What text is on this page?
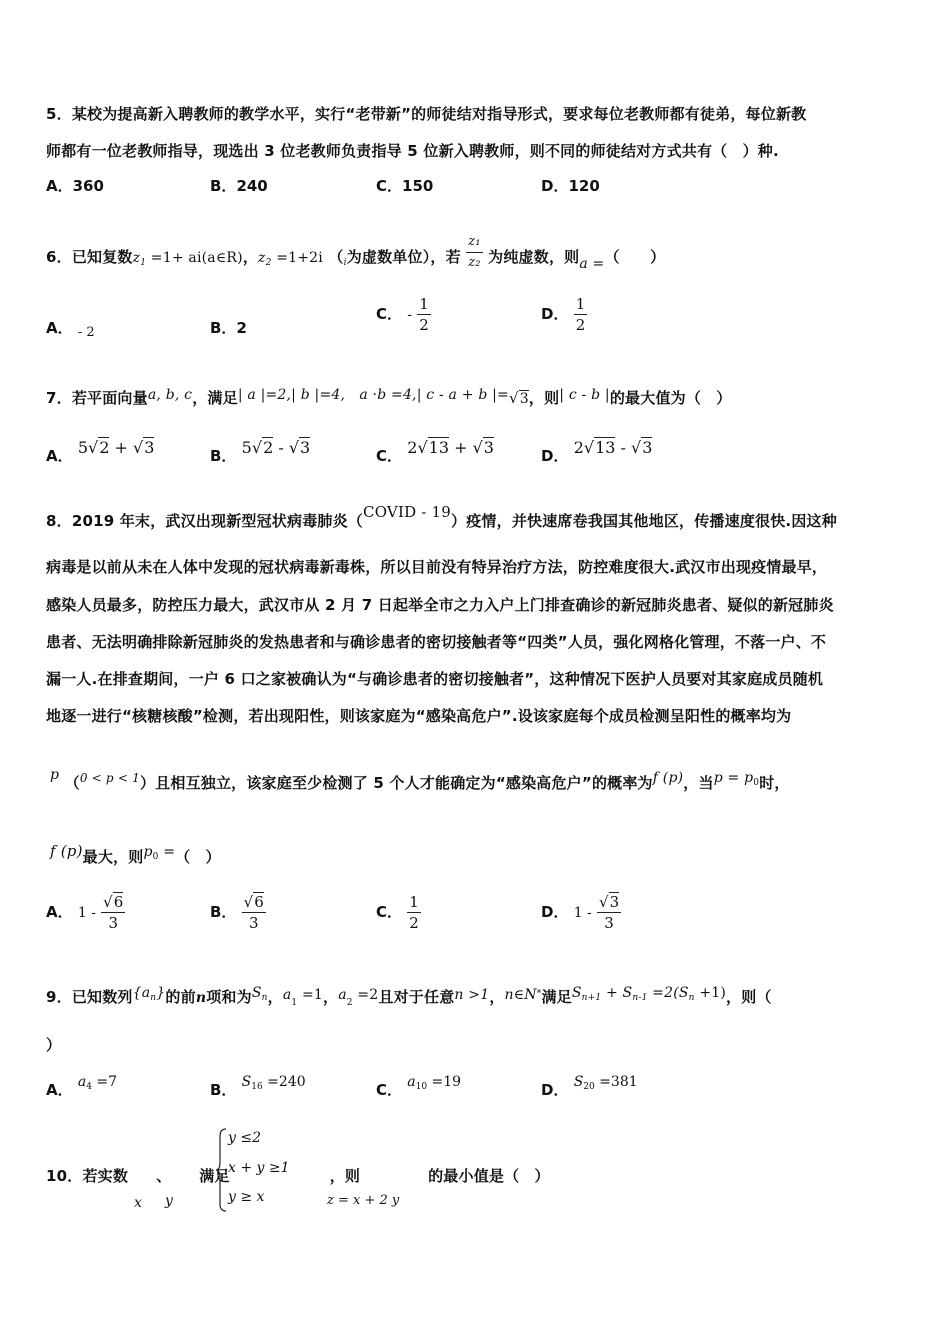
5．某校为提高新入聘教师的教学水平，实行“老带新”的师徒结对指导形式，要求每位老教师都有徒弟，每位新教
师都有一位老教师指导，现选出 3 位老教师负责指导 5 位新入聘教师，则不同的师徒结对方式共有（　）种.
A．360	B．240	C．150	D．120
6．已知复数$z_1 =1+$ ai(a∈R)，$z_2 =1+2i$ （$_i$为虚数单位），若 $\frac{\text{z₁}}{\text{z₂}}$ 为纯虚数，则a =（　　）
A． - 2	B．2
C． - $\frac{1}{2}$	D． $\frac{1}{2}$
7．若平面向量a, b, c，满足| a |=2,| b |=4,　a ·b =4,| c - a + b |=√3，则| c - b |的最大值为（　）
A． 5√2 + √3	B． 5√2 - √3	C． 2√13 + √3	D． 2√13 - √3
8．2019 年末，武汉出现新型冠状病毒肺炎（COVID - 19）疫情，并快速席卷我国其他地区，传播速度很快.因这种
病毒是以前从未在人体中发现的冠状病毒新毒株，所以目前没有特异治疗方法，防控难度很大.武汉市出现疫情最早，
感染人员最多，防控压力最大，武汉市从 2 月 7 日起举全市之力入户上门排查确诊的新冠肺炎患者、疑似的新冠肺炎
患者、无法明确排除新冠肺炎的发热患者和与确诊患者的密切接触者等“四类”人员，强化网格化管理，不落一户、不
漏一人.在排查期间，一户 6 口之家被确认为“与确诊患者的密切接触者”，这种情况下医护人员要对其家庭成员随机
地逐一进行“核糖核酸”检测，若出现阳性，则该家庭为“感染高危户”.设该家庭每个成员检测呈阳性的概率均为
p （$^{0 < p < 1}$）且相互独立，该家庭至少检测了 5 个人才能确定为“感染高危户”的概率为f (p)，当$p = p^0$时，
f (p)最大，则$p^0$ =（　）
A． $1 - \frac{√6}{3}$	B． $\frac{√6}{3}$	C． $\frac{1}{2}$	D． $1 - \frac{√3}{3}$
9．已知数列$\{a^n\}$的前n项和为$S^n$，$a_1 =1$，$a_2 =2$且对于任意n >1，n∈N*满足$S^{n+1} + S^{n-1} =2(S^n +1)$，则（
）
A． $a_4 =7$	B． $S_{16} =240$	C． $a_{10} =19$	D． $S_{20} =381$
10．若实数 、 满足	，则	的最小值是（　）
x y
y ≤2
x + y ≥1
y ≥ x	z = x + 2 y
